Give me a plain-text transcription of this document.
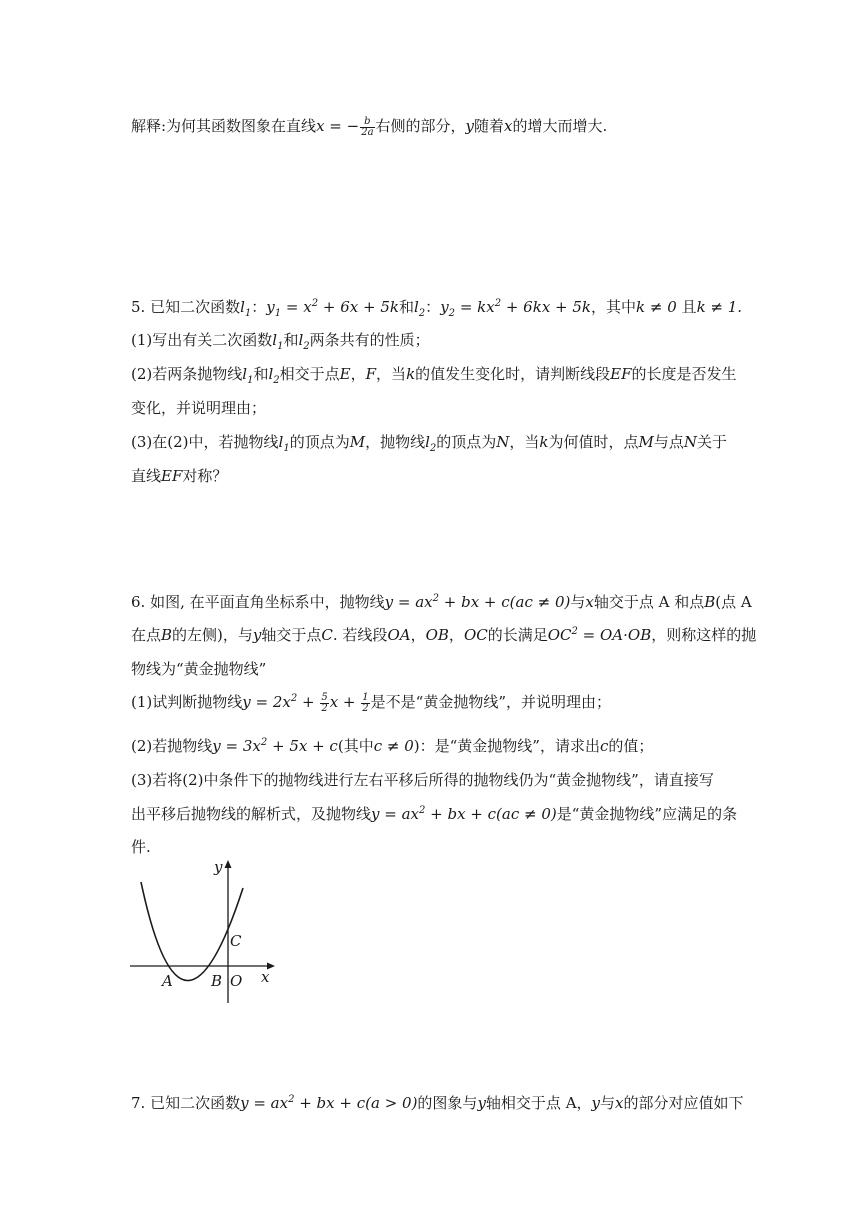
解释:为何其函数图象在直线x = − $\frac{b}{2a}$ 右侧的部分，y随着x的增大而增大.
5. 已知二次函数$l_1$：$y_1 = x^2 + 6x + 5k$和$l_2$：$y_2 = kx^2 + 6kx + 5k$，其中k ≠ 0 且k ≠ 1.
(1)写出有关二次函数$l_1$和$l_2$两条共有的性质；
(2)若两条抛物线$l_1$和$l_2$相交于点E，F，当k的值发生变化时，请判断线段EF的长度是否发生
变化，并说明理由；
(3)在(2)中，若抛物线$l_1$的顶点为M，抛物线$l_2$的顶点为N，当k为何值时，点M与点N关于
直线EF对称？
6. 如图, 在平面直角坐标系中，抛物线$y = ax^2$ + bx + c(ac ≠ 0)与x轴交于点 A 和点B(点 A
在点B的左侧)，与y轴交于点C. 若线段OA，OB，OC的长满足$OC^2 = OA\cdot OB$，则称这样的抛
物线为“黄金抛物线”
(1)试判断抛物线$y = 2x^2 + \frac{5}{2}$ $x + \frac{1}{2}$ 是不是“黄金抛物线”，并说明理由；
(2)若抛物线$y = 3x^2 + 5x + c$(其中c ≠ 0)：是“黄金抛物线”，请求出c的值；
(3)若将(2)中条件下的抛物线进行左右平移后所得的抛物线仍为“黄金抛物线”，请直接写
出平移后抛物线的解析式，及抛物线$y = ax^2$ + bx + c(ac ≠ 0)是“黄金抛物线”应满足的条
件.
y
x
C
A	B O
7. 已知二次函数$y = ax^2$ + bx + c(a > 0)的图象与y轴相交于点 A，y与x的部分对应值如下
